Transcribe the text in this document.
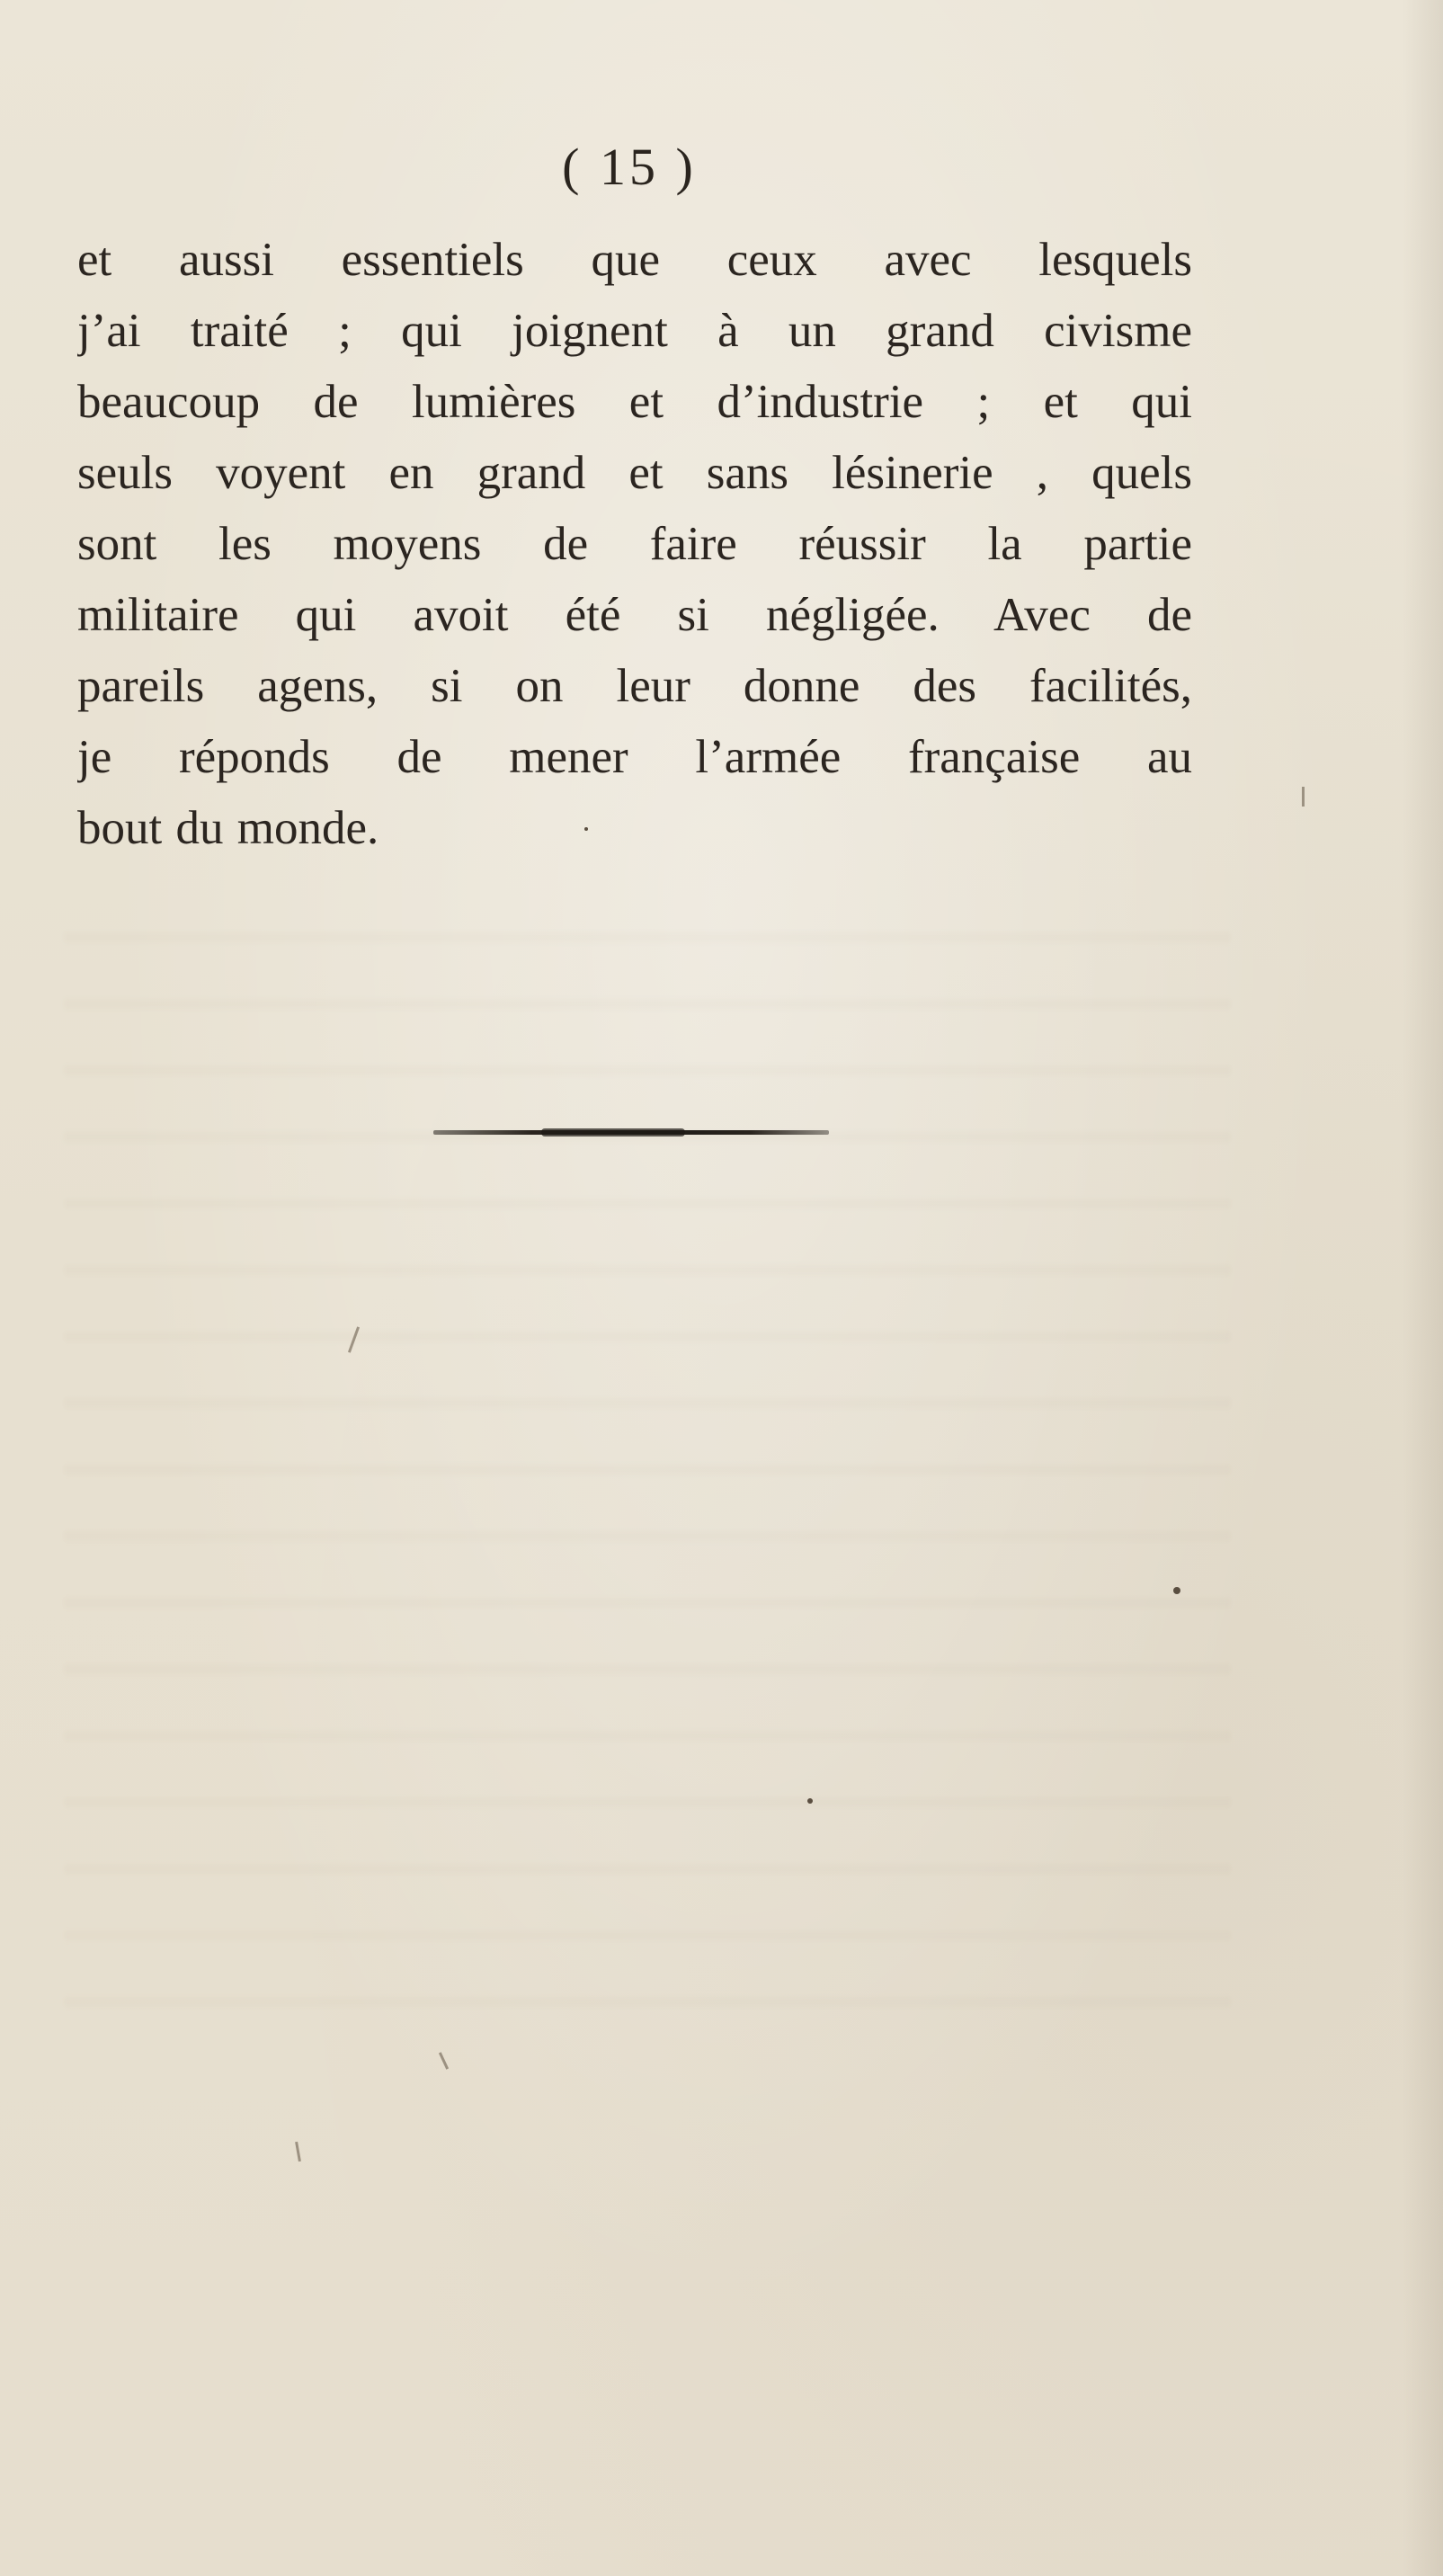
( 15 )
et aussi essentiels que ceux avec lesquels
j’ai traité ; qui joignent à un grand civisme
beaucoup de lumières et d’industrie ; et qui
seuls voyent en grand et sans lésinerie , quels
sont les moyens de faire réussir la partie
militaire qui avoit été si négligée. Avec de
pareils agens, si on leur donne des facilités,
je réponds de mener l’armée française au
bout du monde.
